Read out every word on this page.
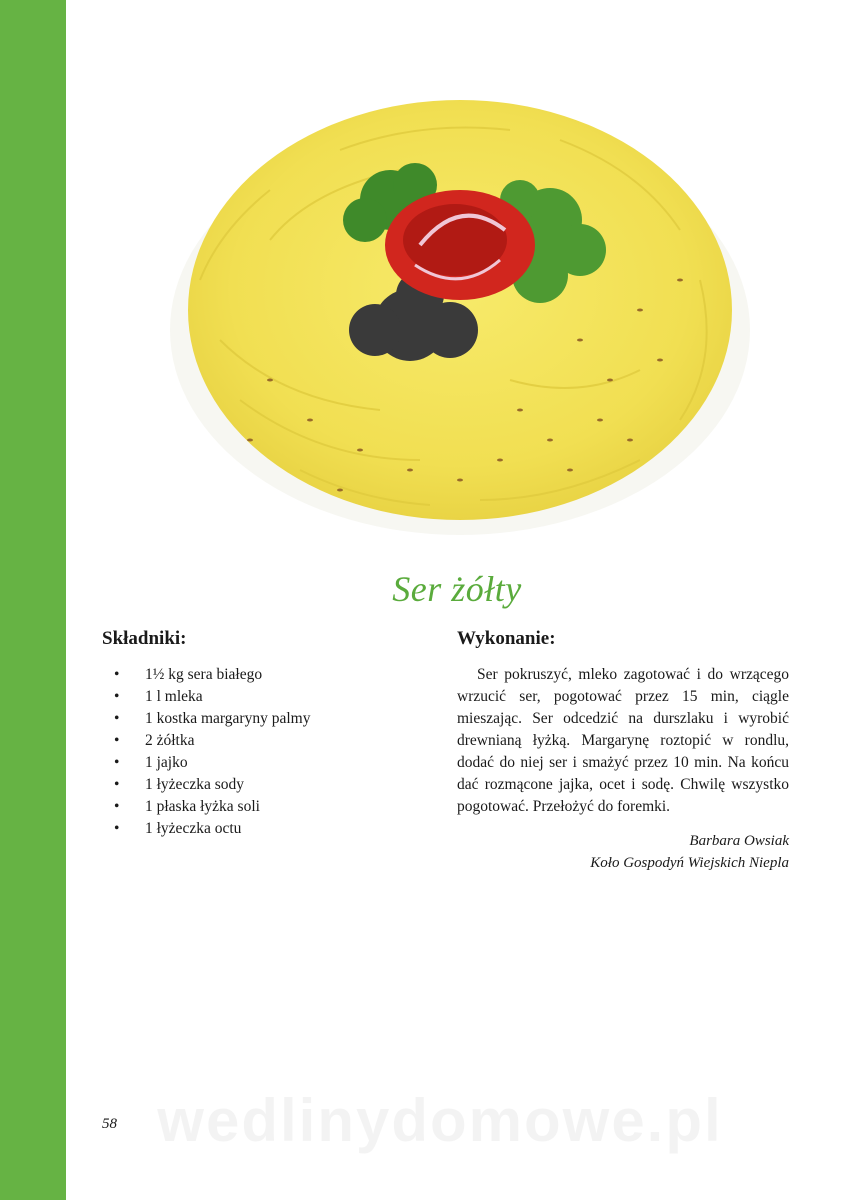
Ser żółty
Składniki:
• 1½ kg sera białego
• 1 l mleka
• 1 kostka margaryny palmy
• 2 żółtka
• 1 jajko
• 1 łyżeczka sody
• 1 płaska łyżka soli
• 1 łyżeczka octu
Wykonanie:

Ser pokruszyć, mleko zagotować i do wrzącego wrzucić ser, pogotować przez 15 min, ciągle mieszając. Ser odcedzić na durszlaku i wyrobić drewnianą łyżką. Margarynę roztopić w rondlu, dodać do niej ser i smażyć przez 10 min. Na końcu dać rozmącone jajka, ocet i sodę. Chwilę wszystko pogotować. Przełożyć do foremki.

Barbara Owsiak
Koło Gospodyń Wiejskich Niepla
58
